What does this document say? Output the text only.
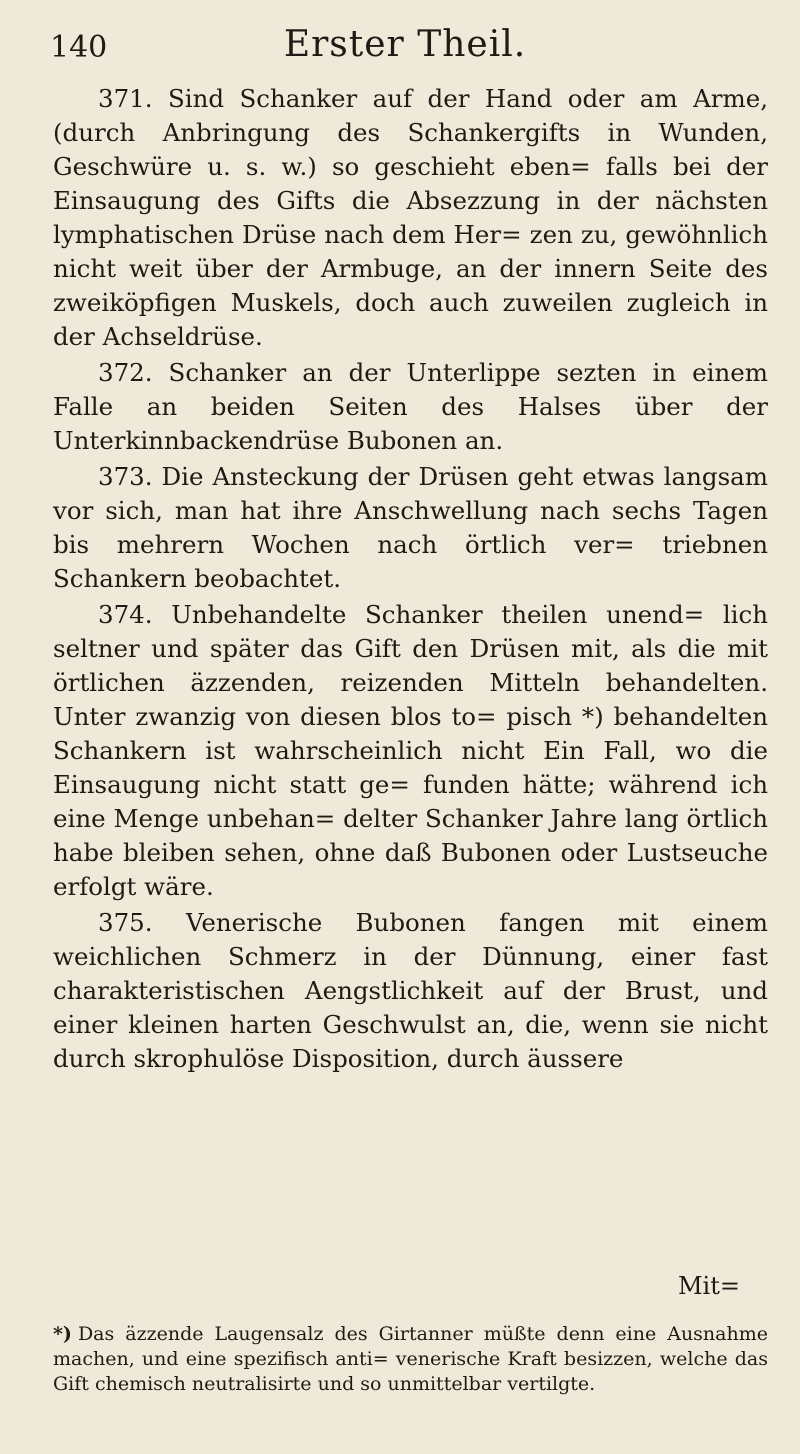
140	Erster Theil.

371. Sind Schanker auf der Hand oder am Arme, (durch Anbringung des Schankergifts in Wunden, Geschwüre u. s. w.) so geschieht eben= falls bei der Einsaugung des Gifts die Absezzung in der nächsten lymphatischen Drüse nach dem Her= zen zu, gewöhnlich nicht weit über der Armbuge, an der innern Seite des zweiköpfigen Muskels, doch auch zuweilen zugleich in der Achseldrüse.

372. Schanker an der Unterlippe sezten in einem Falle an beiden Seiten des Halses über der Unterkinnbackendrüse Bubonen an.

373. Die Ansteckung der Drüsen geht etwas langsam vor sich, man hat ihre Anschwellung nach sechs Tagen bis mehrern Wochen nach örtlich ver= triebnen Schankern beobachtet.

374. Unbehandelte Schanker theilen unend= lich seltner und später das Gift den Drüsen mit, als die mit örtlichen äzzenden, reizenden Mitteln behandelten. Unter zwanzig von diesen blos to= pisch *) behandelten Schankern ist wahrscheinlich nicht Ein Fall, wo die Einsaugung nicht statt ge= funden hätte; während ich eine Menge unbehan= delter Schanker Jahre lang örtlich habe bleiben sehen, ohne daß Bubonen oder Lustseuche erfolgt wäre.

375. Venerische Bubonen fangen mit einem weichlichen Schmerz in der Dünnung, einer fast charakteristischen Aengstlichkeit auf der Brust, und einer kleinen harten Geschwulst an, die, wenn sie nicht durch skrophulöse Disposition, durch äussere

Mit=
*) Das äzzende Laugensalz des Girtanner müßte denn eine Ausnahme machen, und eine spezifisch anti= venerische Kraft besizzen, welche das Gift chemisch neutralisirte und so unmittelbar vertilgte.
